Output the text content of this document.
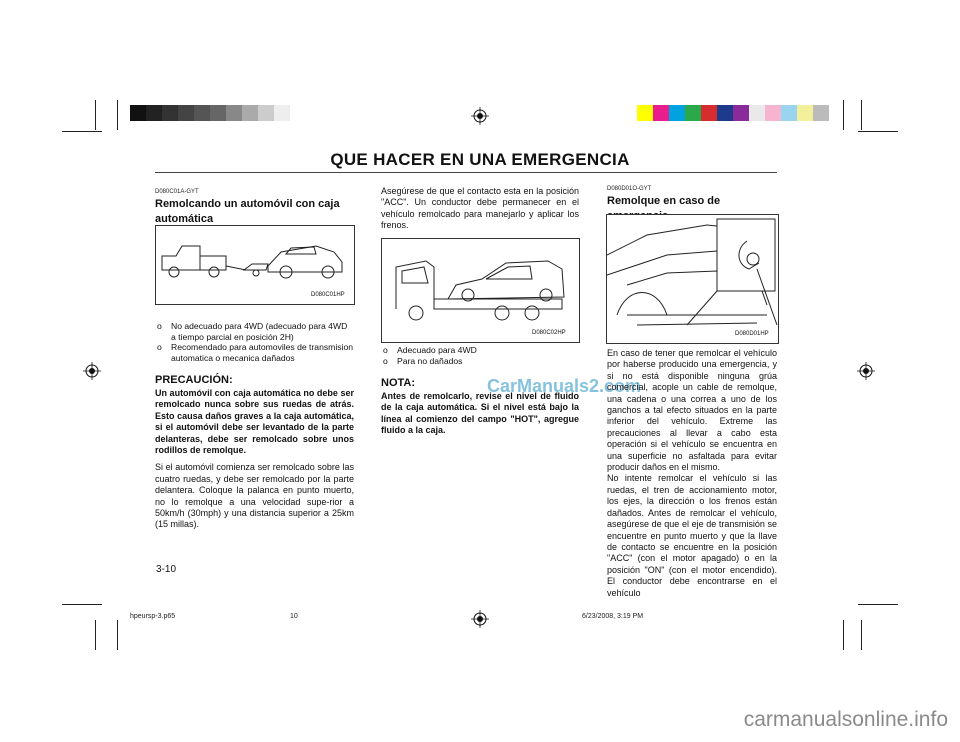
QUE HACER EN UNA EMERGENCIA
D080C01A-GYT
Remolcando un automóvil con caja automática
D080C01HP
o No adecuado para 4WD (adecuado para 4WD a tiempo parcial en posición 2H)
o Recomendado para automoviles de transmision automatica o mecanica dañados
PRECAUCIÓN:
Un automóvil con caja automática no debe ser remolcado nunca sobre sus ruedas de atrás. Esto causa daños graves a la caja automática, si el automóvil debe ser levantado de la parte delanteras, debe ser remolcado sobre unos rodillos de remolque.
Si el automóvil comienza ser remolcado sobre las cuatro ruedas, y debe ser remolcado por la parte delantera. Coloque la palanca en punto muerto, no lo remolque a una velocidad supe-rior a 50km/h (30mph) y una distancia superior a 25km (15 millas).
Asegúrese de que el contacto esta en la posición "ACC". Un conductor debe permanecer en el vehículo remolcado para manejarlo y aplicar los frenos.
D080C02HP
o Adecuado para 4WD
o Para no dañados
NOTA:
Antes de remolcarlo, revise el nivel de fluido de la caja automática. Si el nivel está bajo la línea al comienzo del campo "HOT", agregue fluido a la caja.
CarManuals2.com
D080D01O-GYT
Remolque en caso de
D080D01HP
En caso de tener que remolcar el vehículo por haberse producido una emergencia, y si no está disponible ninguna grúa comercial, acople un cable de remolque, una cadena o una correa a uno de los ganchos a tal efecto situados en la parte inferior del vehículo. Extreme las precauciones al llevar a cabo esta operación si el vehículo se encuentra en una superficie no asfaltada para evitar producir daños en el mismo.
No intente remolcar el vehículo si las ruedas, el tren de accionamiento motor, los ejes, la dirección o los frenos están dañados. Antes de remolcar el vehículo, asegúrese de que el eje de transmisión se encuentre en punto muerto y que la llave de contacto se encuentre en la posición "ACC" (con el motor apagado) o en la posición "ON" (con el motor encendido). El conductor debe encontrarse en el vehículo
3-10
hpeursp-3.p65	10	6/23/2008, 3:19 PM
carmanualsonline.info
